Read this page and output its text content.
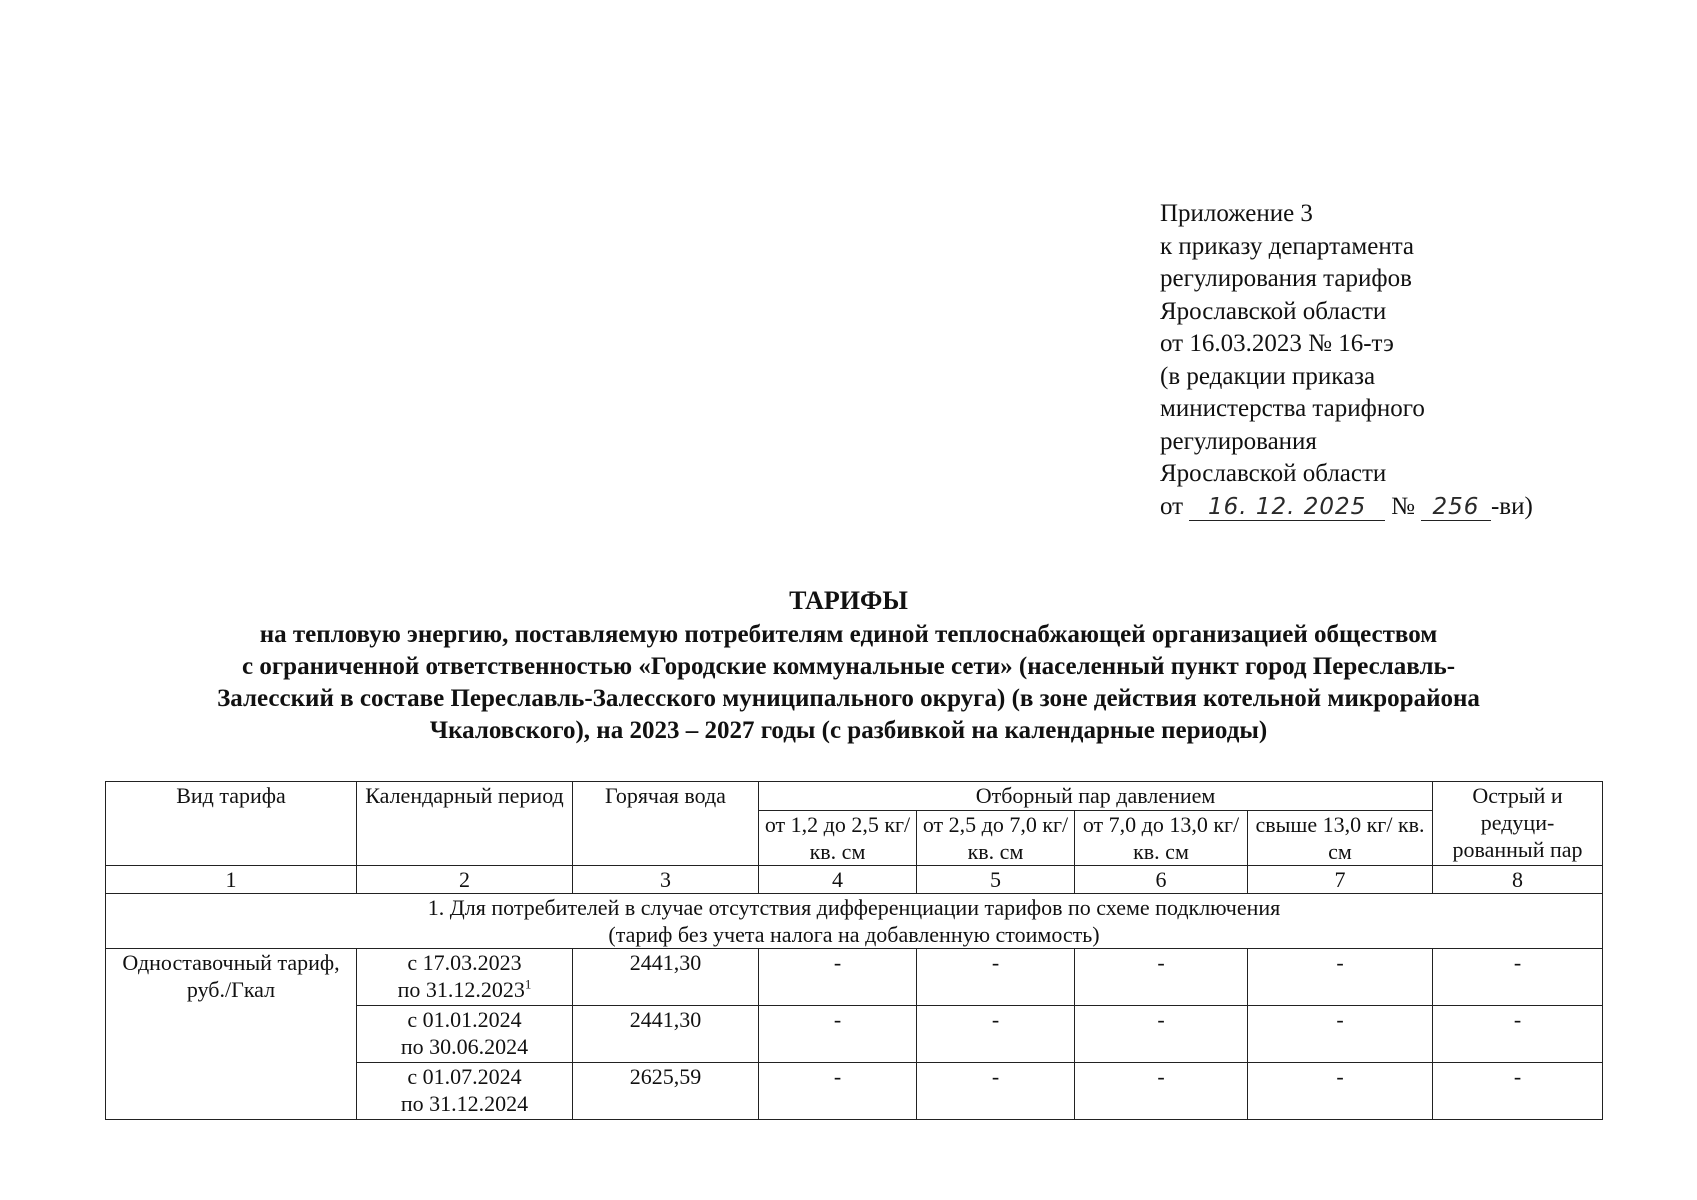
Приложение 3
к приказу департамента
регулирования тарифов
Ярославской области
от 16.03.2023 № 16-тэ
(в редакции приказа
министерства тарифного
регулирования
Ярославской области
от 16. 12. 2025 № 256 -ви)
ТАРИФЫ
на тепловую энергию, поставляемую потребителям единой теплоснабжающей организацией обществом
с ограниченной ответственностью «Городские коммунальные сети» (населенный пункт город Переславль-
Залесский в составе Переславль-Залесского муниципального округа) (в зоне действия котельной микрорайона
Чкаловского), на 2023 – 2027 годы (с разбивкой на календарные периоды)
Вид тарифа	Календарный период	Горячая вода	Отборный пар давлением				Острый и редуци-рованный пар
			от 1,2 до 2,5 кг/ кв. см	от 2,5 до 7,0 кг/ кв. см	от 7,0 до 13,0 кг/ кв. см	свыше 13,0 кг/ кв. см	
1	2	3	4	5	6	7	8

1. Для потребителей в случае отсутствия дифференциации тарифов по схеме подключения
(тариф без учета налога на добавленную стоимость)							

Одноставочный тариф, руб./Гкал	с 17.03.2023
по 31.12.2023$^1$	2441,30	-	-	-	-	-

	с 01.01.2024
по 30.06.2024	2441,30	-	-	-	-	-

	с 01.07.2024
по 31.12.2024	2625,59	-	-	-	-	-
